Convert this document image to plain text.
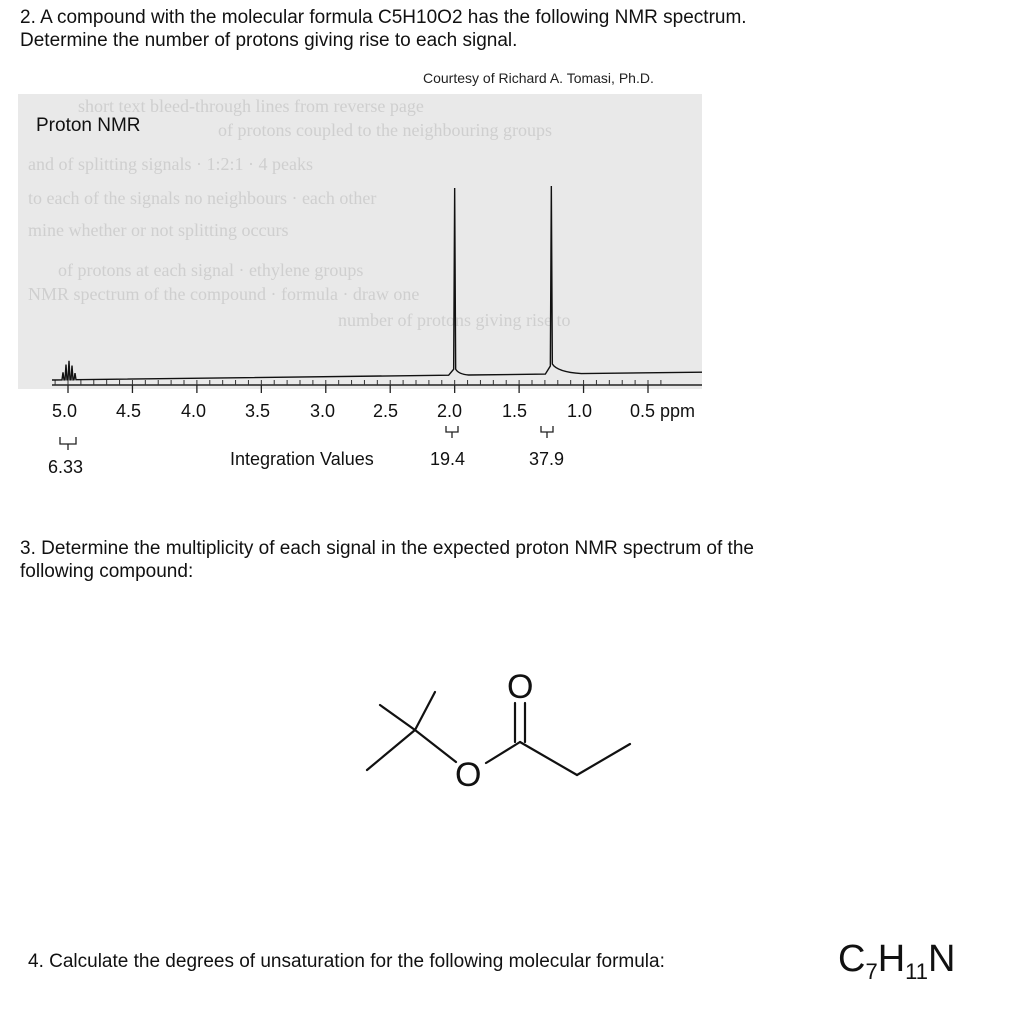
2. A compound with the molecular formula C5H10O2 has the following NMR spectrum.
Determine the number of protons giving rise to each signal.
Courtesy of Richard A. Tomasi, Ph.D.
short text bleed-through lines from reverse page
of protons coupled to the neighbouring groups
and of splitting signals · 1:2:1 · 4 peaks
to each of the signals no neighbours · each other
mine whether or not splitting occurs
of protons at each signal · ethylene groups
NMR spectrum of the compound · formula · draw one
number of protons giving rise to
Proton NMR
O
O
5.0 4.5 4.0 3.5 3.0 2.5 2.0 1.5 1.0 0.5 ppm
6.33	Integration Values	19.4	37.9
3. Determine the multiplicity of each signal in the expected proton NMR spectrum of the
following compound:
4. Calculate the degrees of unsaturation for the following molecular formula:	$C_7H_{11}N$
